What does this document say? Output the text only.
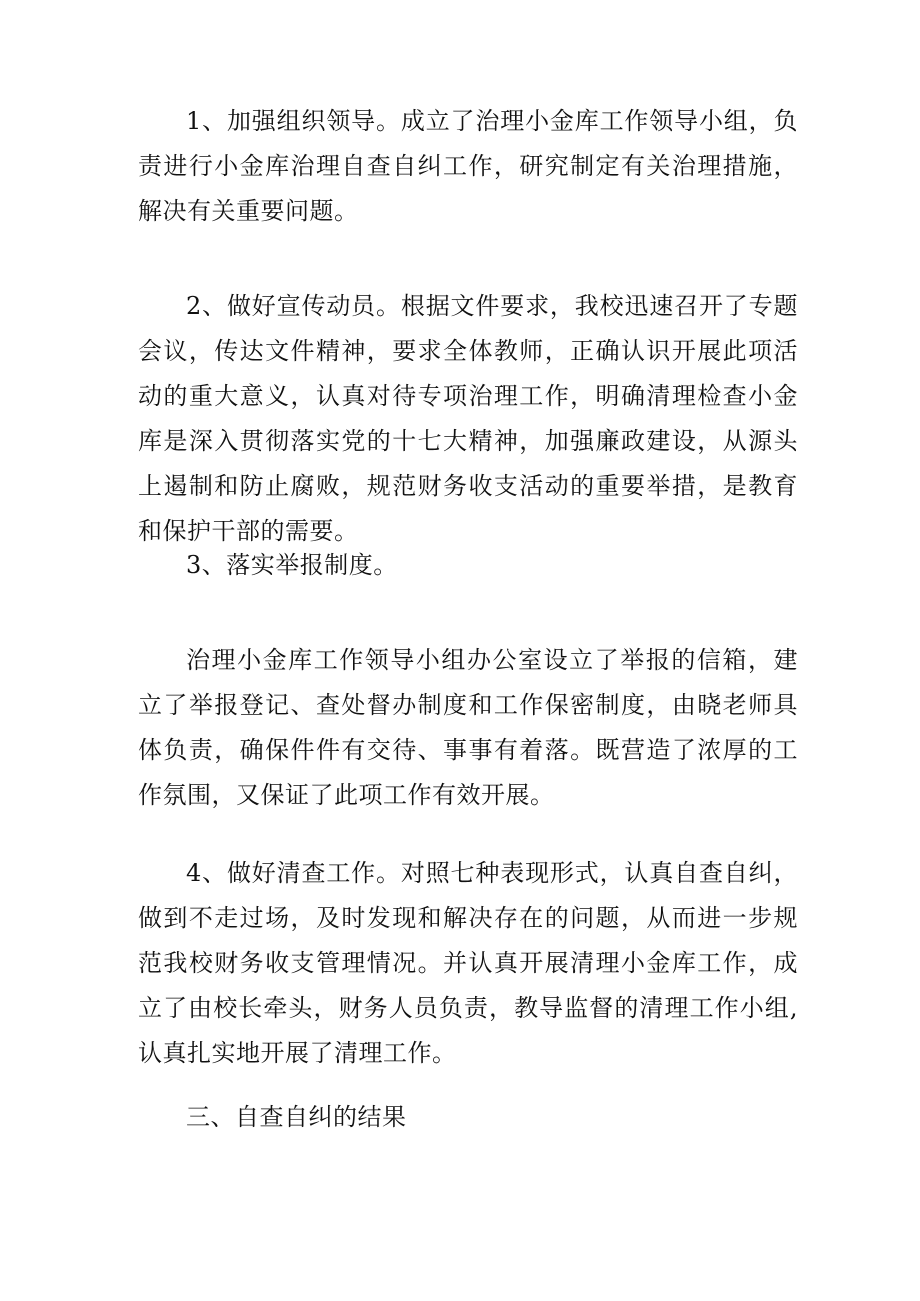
1、加强组织领导。成立了治理小金库工作领导小组，负责进行小金库治理自查自纠工作，研究制定有关治理措施，解决有关重要问题。

2、做好宣传动员。根据文件要求，我校迅速召开了专题会议，传达文件精神，要求全体教师，正确认识开展此项活动的重大意义，认真对待专项治理工作，明确清理检查小金库是深入贯彻落实党的十七大精神，加强廉政建设，从源头上遏制和防止腐败，规范财务收支活动的重要举措，是教育和保护干部的需要。

3、落实举报制度。

治理小金库工作领导小组办公室设立了举报的信箱，建立了举报登记、查处督办制度和工作保密制度，由晓老师具体负责，确保件件有交待、事事有着落。既营造了浓厚的工作氛围，又保证了此项工作有效开展。

4、做好清查工作。对照七种表现形式，认真自查自纠，做到不走过场，及时发现和解决存在的问题，从而进一步规范我校财务收支管理情况。并认真开展清理小金库工作，成立了由校长牵头，财务人员负责，教导监督的清理工作小组,认真扎实地开展了清理工作。

三、自查自纠的结果
